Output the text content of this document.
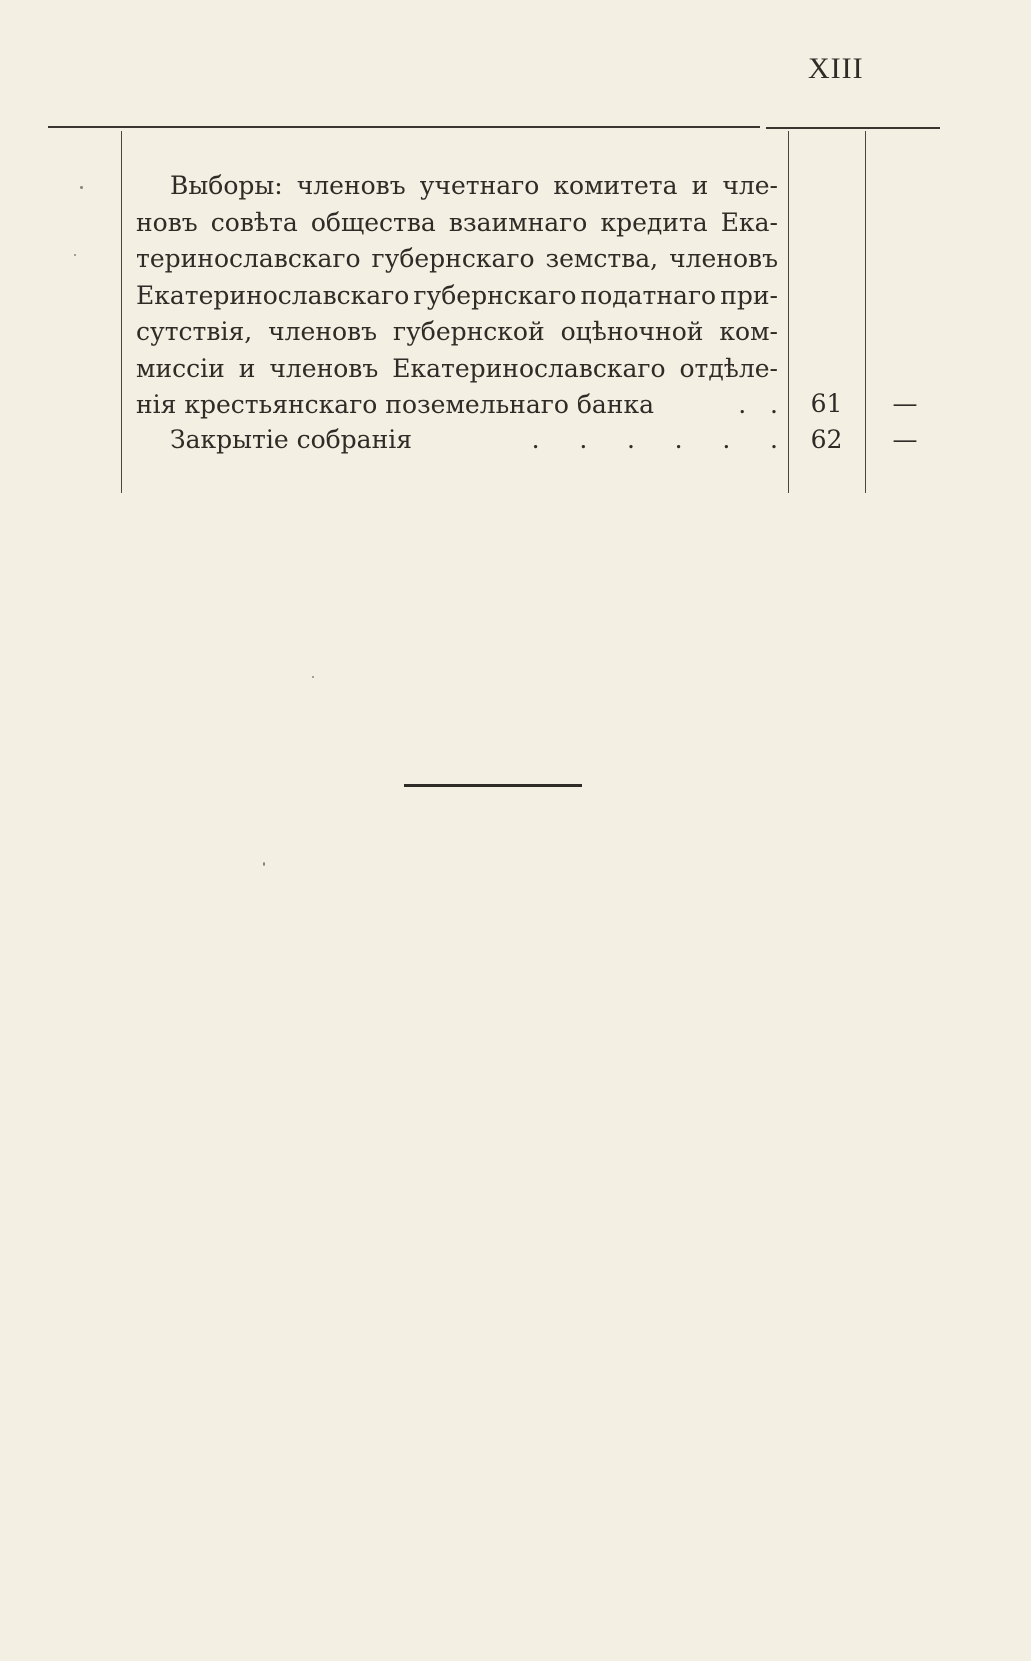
XIII
Выборы: членовъ учетнаго комитета и чле-
новъ совѣта общества взаимнаго кредита Ека-
теринославскаго губернскаго земства, членовъ
Екатеринославскаго губернскаго податнаго при-
сутствія, членовъ губернской оцѣночной ком-
миссіи и членовъ Екатеринославскаго отдѣле-
нія крестьянскаго поземельнаго банка	.   .
Закрытіе собранія	.     .     .     .     .     .
61
62
—
—
